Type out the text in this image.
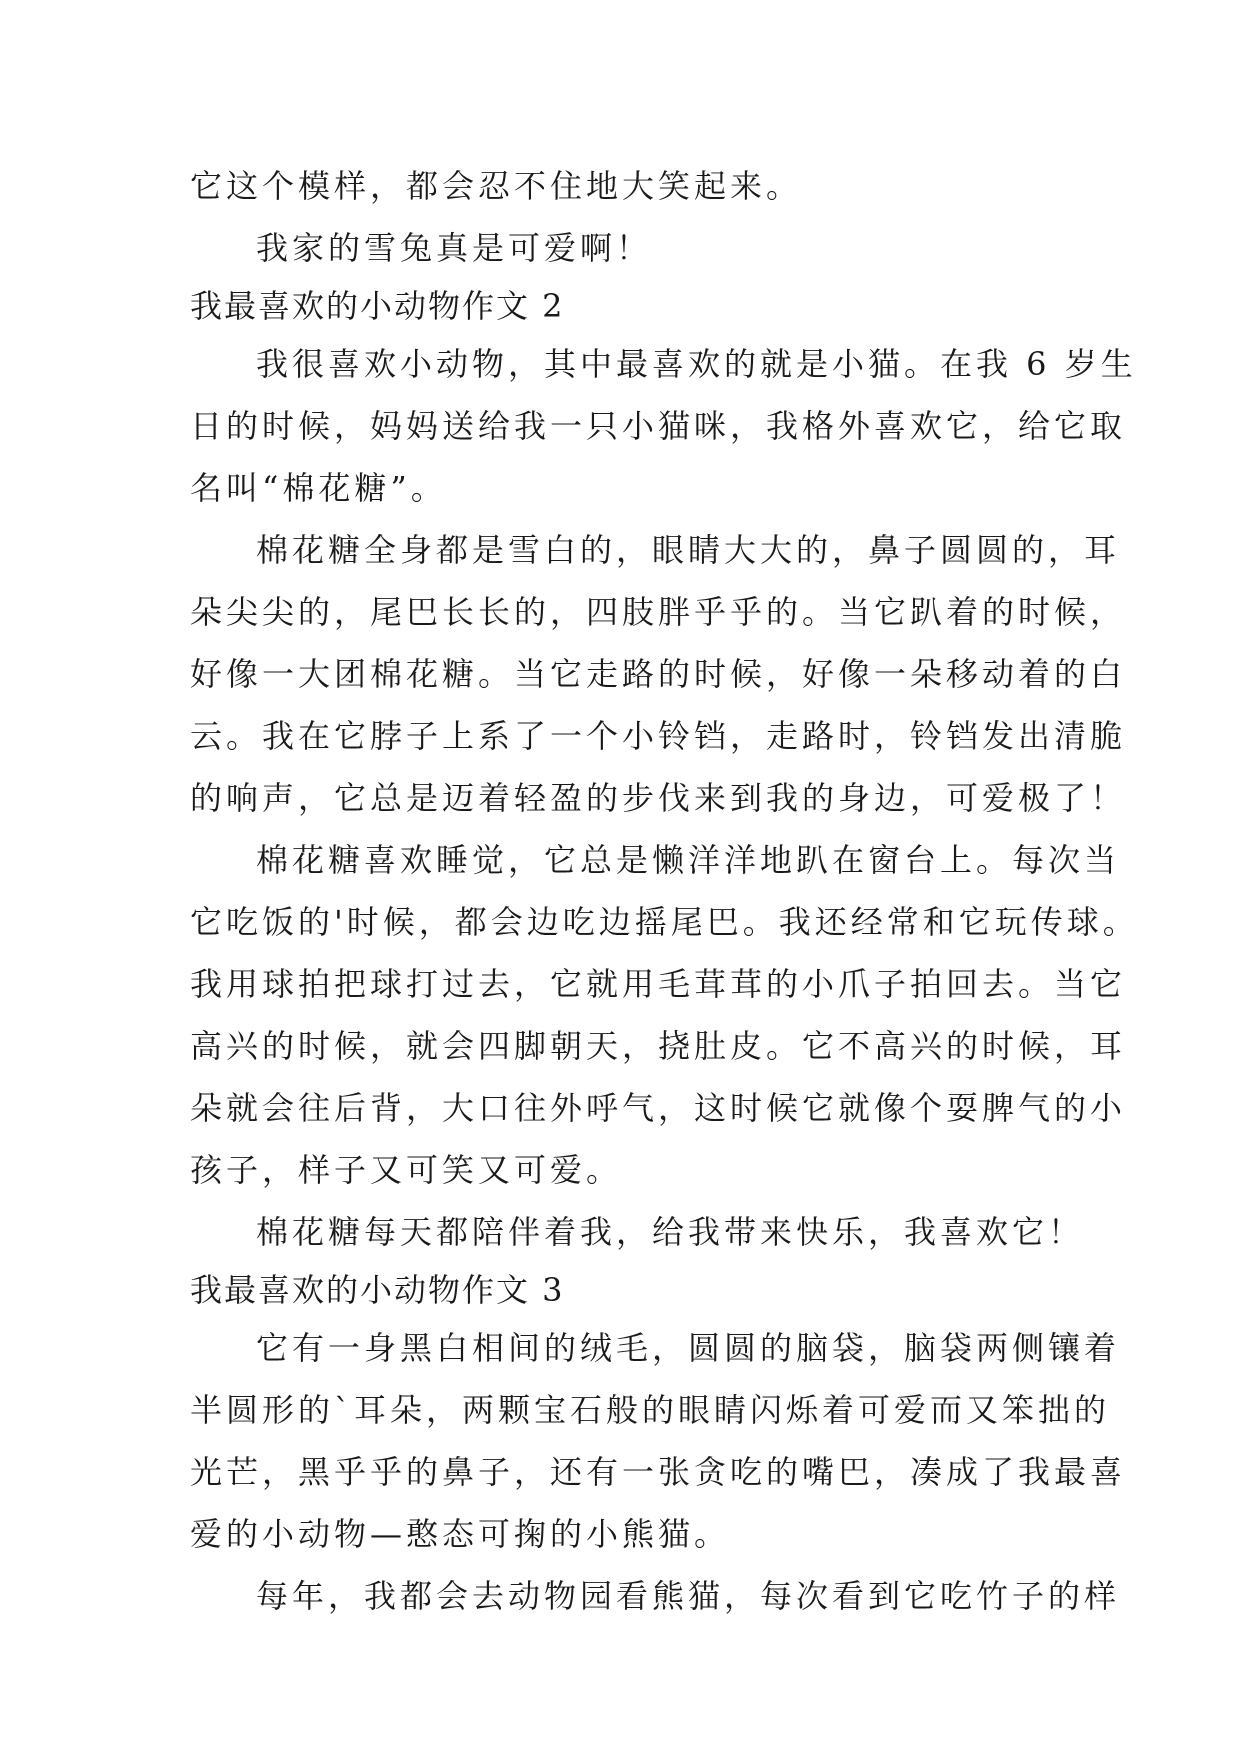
它这个模样，都会忍不住地大笑起来。
我家的雪兔真是可爱啊！
我最喜欢的小动物作文 2
我很喜欢小动物，其中最喜欢的就是小猫。在我 6 岁生
日的时候，妈妈送给我一只小猫咪，我格外喜欢它，给它取
名叫“棉花糖”。
棉花糖全身都是雪白的，眼睛大大的，鼻子圆圆的，耳
朵尖尖的，尾巴长长的，四肢胖乎乎的。当它趴着的时候，
好像一大团棉花糖。当它走路的时候，好像一朵移动着的白
云。我在它脖子上系了一个小铃铛，走路时，铃铛发出清脆
的响声，它总是迈着轻盈的步伐来到我的身边，可爱极了！
棉花糖喜欢睡觉，它总是懒洋洋地趴在窗台上。每次当
它吃饭的'时候，都会边吃边摇尾巴。我还经常和它玩传球。
我用球拍把球打过去，它就用毛茸茸的小爪子拍回去。当它
高兴的时候，就会四脚朝天，挠肚皮。它不高兴的时候，耳
朵就会往后背，大口往外呼气，这时候它就像个耍脾气的小
孩子，样子又可笑又可爱。
棉花糖每天都陪伴着我，给我带来快乐，我喜欢它！
我最喜欢的小动物作文 3
它有一身黑白相间的绒毛，圆圆的脑袋，脑袋两侧镶着
半圆形的`耳朵，两颗宝石般的眼睛闪烁着可爱而又笨拙的
光芒，黑乎乎的鼻子，还有一张贪吃的嘴巴，凑成了我最喜
爱的小动物—憨态可掬的小熊猫。
每年，我都会去动物园看熊猫，每次看到它吃竹子的样
